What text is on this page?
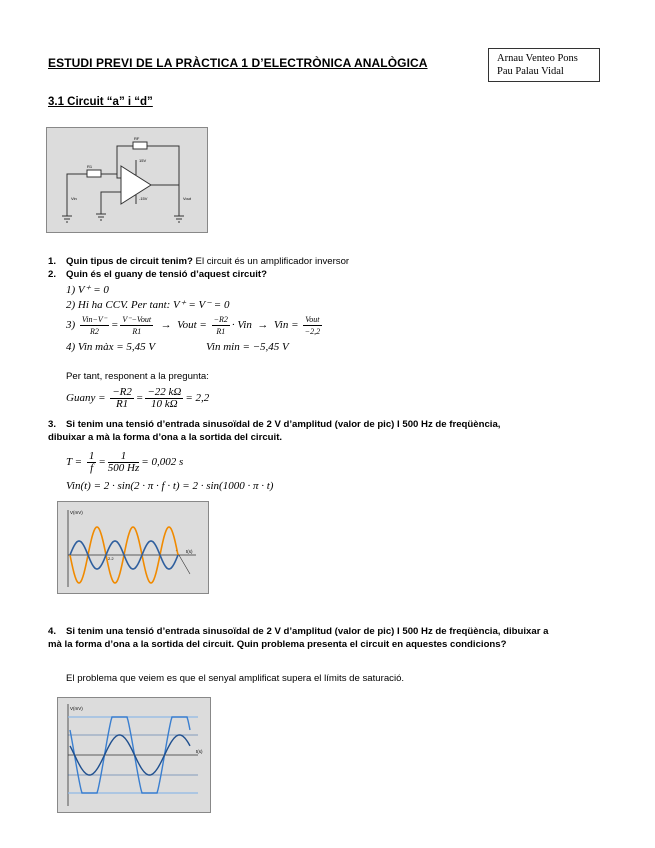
ESTUDI PREVI DE LA PRÀCTICA 1 D’ELECTRÒNICA ANALÒGICA	Arnau Venteo Pons
Pau Palau Vidal
3.1 Circuit “a” i “d”
RF
R1
Vin	Vout
15V
-15V
1. Quin tipus de circuit tenim? El circuit és un amplificador inversor
2. Quin és el guany de tensió d’aquest circuit?
1) V⁺ = 0
2) Hi ha CCV. Per tant: V⁺ = V⁻ = 0
$3) \frac{\text{Vin−V⁻}}{R2} = \frac{\text{V⁻−Vout}}{R1}$ →  Vout = $\frac{-R2}{R1}$ · Vin  →  Vin = $\frac{\text{Vout}}{-2,2}$
4) Vin màx = 5,45 V	Vin min = −5,45 V
Per tant, responent a la pregunta:
Guany = $\frac{-R2}{R1} = \frac{-22 k\Omega}{10 k\Omega} = 2,2$
3. Si tenim una tensió d’entrada sinusoïdal de 2 V d’amplitud (valor de pic) I 500 Hz de freqüència, dibuixar a mà la forma d’ona a la sortida del circuit.
$T = \frac{1}{f} = \frac{1}{500 Hz} = 0,002$ s
Vin(t) = 2 · sin(2 · π · f · t) = 2 · sin(1000 · π · t)
V(mV)
t(s)
2.2
4. Si tenim una tensió d’entrada sinusoïdal de 2 V d’amplitud (valor de pic) I 500 Hz de freqüència, dibuixar a mà la forma d’ona a la sortida del circuit. Quin problema presenta el circuit en aquestes condicions?
El problema que veiem es que el senyal amplificat supera el límits de saturació.
V(mV)
t(s)
